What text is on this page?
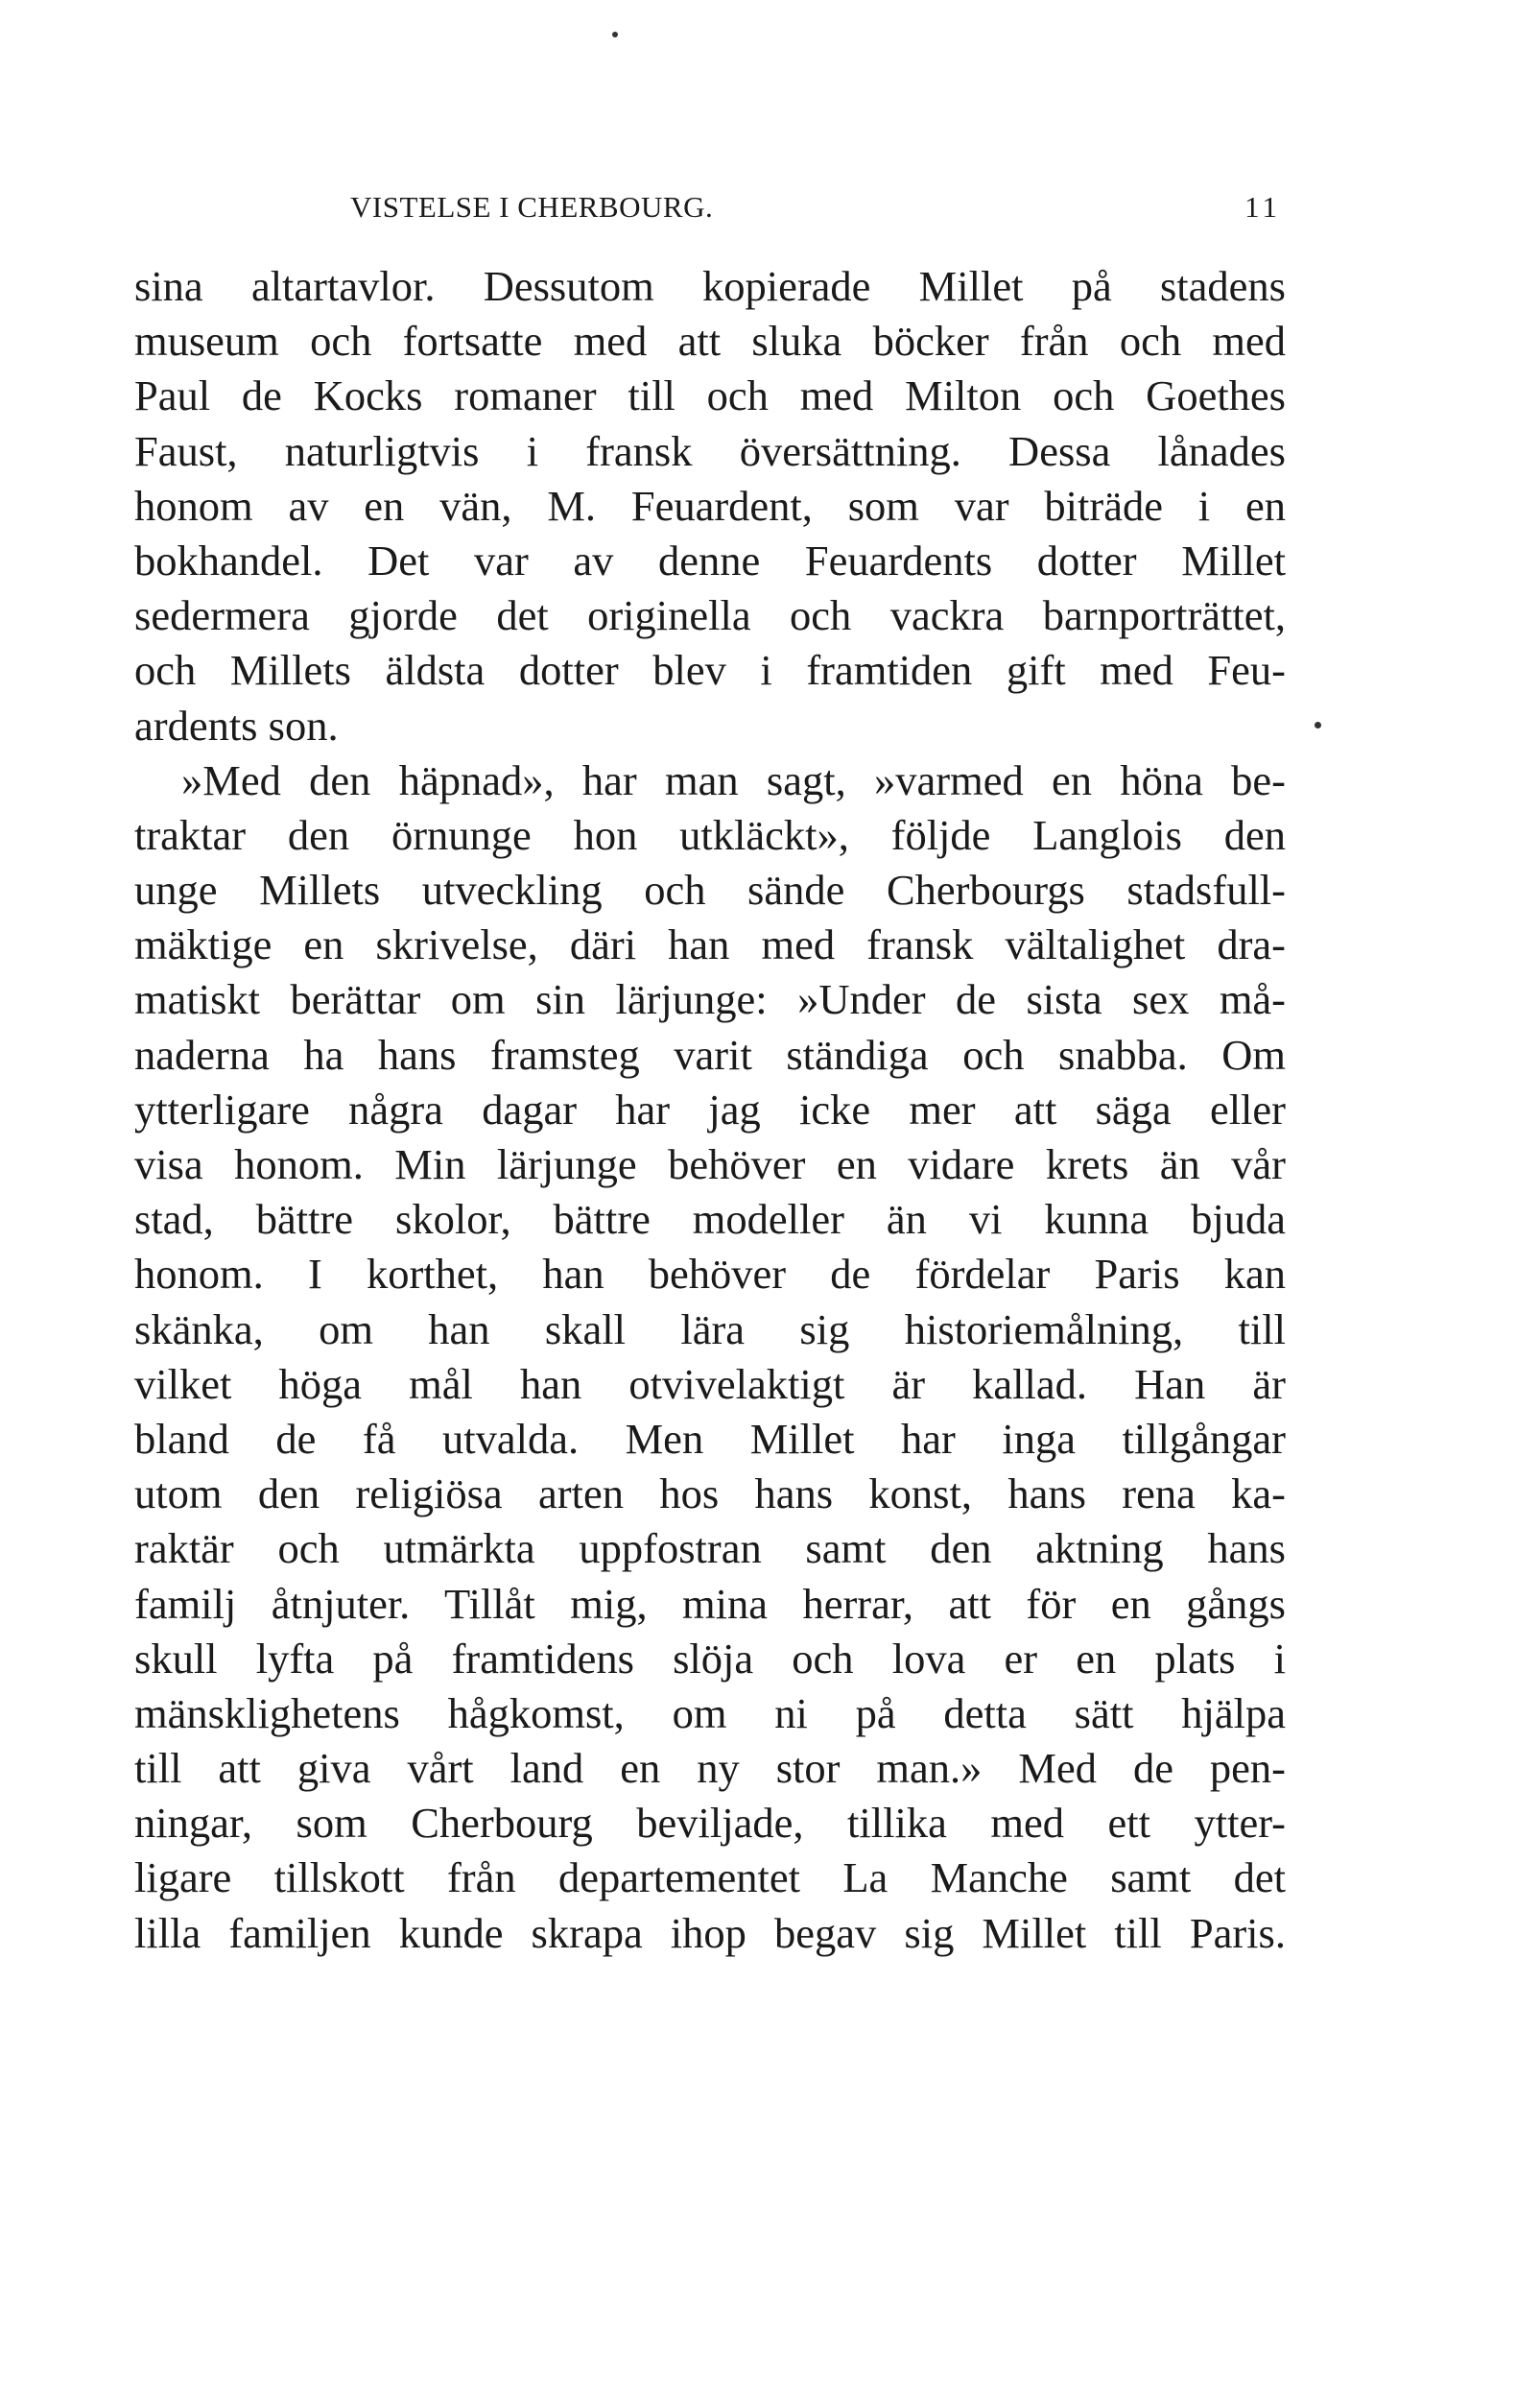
VISTELSE I CHERBOURG.	11
sina altartavlor. Dessutom kopierade Millet på stadens
museum och fortsatte med att sluka böcker från och med
Paul de Kocks romaner till och med Milton och Goethes
Faust, naturligtvis i fransk översättning. Dessa lånades
honom av en vän, M. Feuardent, som var biträde i en
bokhandel. Det var av denne Feuardents dotter Millet
sedermera gjorde det originella och vackra barnporträttet,
och Millets äldsta dotter blev i framtiden gift med Feu-
ardents son.
»Med den häpnad», har man sagt, »varmed en höna be-
traktar den örnunge hon utkläckt», följde Langlois den
unge Millets utveckling och sände Cherbourgs stadsfull-
mäktige en skrivelse, däri han med fransk vältalighet dra-
matiskt berättar om sin lärjunge: »Under de sista sex må-
naderna ha hans framsteg varit ständiga och snabba. Om
ytterligare några dagar har jag icke mer att säga eller
visa honom. Min lärjunge behöver en vidare krets än vår
stad, bättre skolor, bättre modeller än vi kunna bjuda
honom. I korthet, han behöver de fördelar Paris kan
skänka, om han skall lära sig historiemålning, till
vilket höga mål han otvivelaktigt är kallad. Han är
bland de få utvalda. Men Millet har inga tillgångar
utom den religiösa arten hos hans konst, hans rena ka-
raktär och utmärkta uppfostran samt den aktning hans
familj åtnjuter. Tillåt mig, mina herrar, att för en gångs
skull lyfta på framtidens slöja och lova er en plats i
mänsklighetens hågkomst, om ni på detta sätt hjälpa
till att giva vårt land en ny stor man.» Med de pen-
ningar, som Cherbourg beviljade, tillika med ett ytter-
ligare tillskott från departementet La Manche samt det
lilla familjen kunde skrapa ihop begav sig Millet till Paris.
